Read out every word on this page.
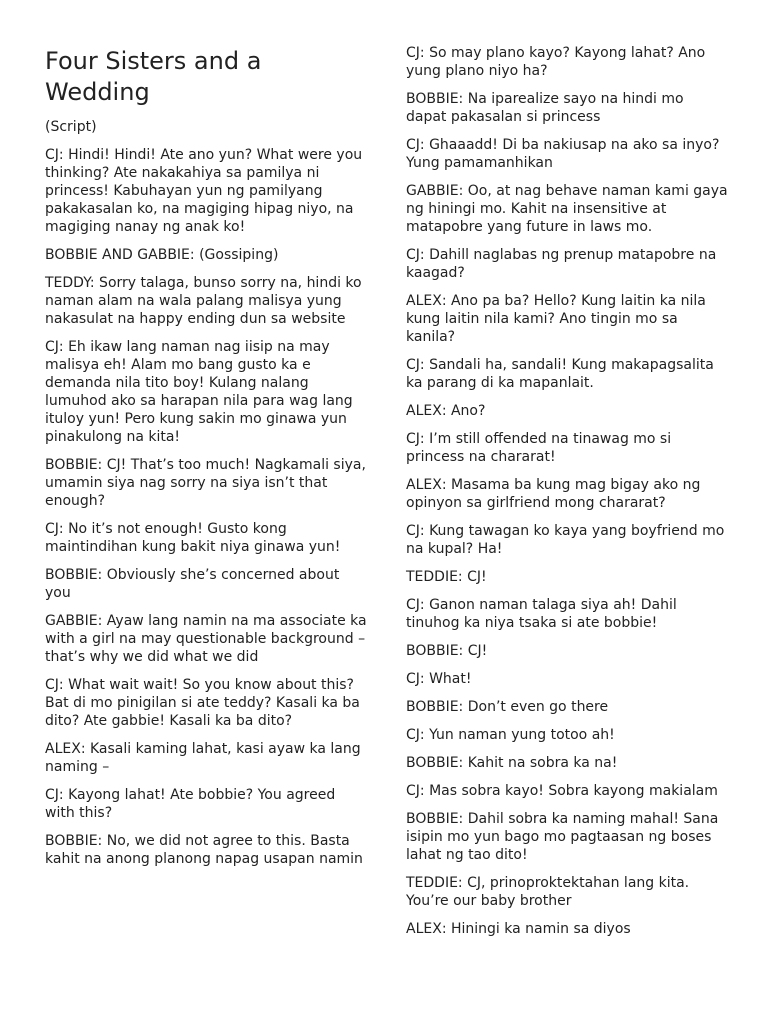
Four Sisters and a Wedding
(Script)
CJ: Hindi! Hindi! Ate ano yun? What were you thinking? Ate nakakahiya sa pamilya ni princess! Kabuhayan yun ng pamilyang pakakasalan ko, na magiging hipag niyo, na magiging nanay ng anak ko!
BOBBIE AND GABBIE: (Gossiping)
TEDDY: Sorry talaga, bunso sorry na, hindi ko naman alam na wala palang malisya yung nakasulat na happy ending dun sa website
CJ: Eh ikaw lang naman nag iisip na may malisya eh! Alam mo bang gusto ka e demanda nila tito boy! Kulang nalang lumuhod ako sa harapan nila para wag lang ituloy yun! Pero kung sakin mo ginawa yun pinakulong na kita!
BOBBIE: CJ! That’s too much! Nagkamali siya, umamin siya nag sorry na siya isn’t that enough?
CJ: No it’s not enough! Gusto kong maintindihan kung bakit niya ginawa yun!
BOBBIE: Obviously she’s concerned about you
GABBIE: Ayaw lang namin na ma associate ka with a girl na may questionable background – that’s why we did what we did
CJ: What wait wait! So you know about this? Bat di mo pinigilan si ate teddy? Kasali ka ba dito? Ate gabbie! Kasali ka ba dito?
ALEX: Kasali kaming lahat, kasi ayaw ka lang naming –
CJ: Kayong lahat! Ate bobbie? You agreed with this?
BOBBIE: No, we did not agree to this. Basta kahit na anong planong napag usapan namin
CJ: So may plano kayo? Kayong lahat? Ano yung plano niyo ha?
BOBBIE: Na iparealize sayo na hindi mo dapat pakasalan si princess
CJ: Ghaaadd! Di ba nakiusap na ako sa inyo? Yung pamamanhikan
GABBIE: Oo, at nag behave naman kami gaya ng hiningi mo. Kahit na insensitive at matapobre yang future in laws mo.
CJ: Dahill naglabas ng prenup matapobre na kaagad?
ALEX: Ano pa ba? Hello? Kung laitin ka nila kung laitin nila kami? Ano tingin mo sa kanila?
CJ: Sandali ha, sandali! Kung makapagsalita ka parang di ka mapanlait.
ALEX: Ano?
CJ: I’m still offended na tinawag mo si princess na chararat!
ALEX: Masama ba kung mag bigay ako ng opinyon sa girlfriend mong chararat?
CJ: Kung tawagan ko kaya yang boyfriend mo na kupal? Ha!
TEDDIE: CJ!
CJ: Ganon naman talaga siya ah! Dahil tinuhog ka niya tsaka si ate bobbie!
BOBBIE: CJ!
CJ: What!
BOBBIE: Don’t even go there
CJ: Yun naman yung totoo ah!
BOBBIE: Kahit na sobra ka na!
CJ: Mas sobra kayo! Sobra kayong makialam
BOBBIE: Dahil sobra ka naming mahal! Sana isipin mo yun bago mo pagtaasan ng boses lahat ng tao dito!
TEDDIE: CJ, prinoproktektahan lang kita. You’re our baby brother
ALEX: Hiningi ka namin sa diyos
